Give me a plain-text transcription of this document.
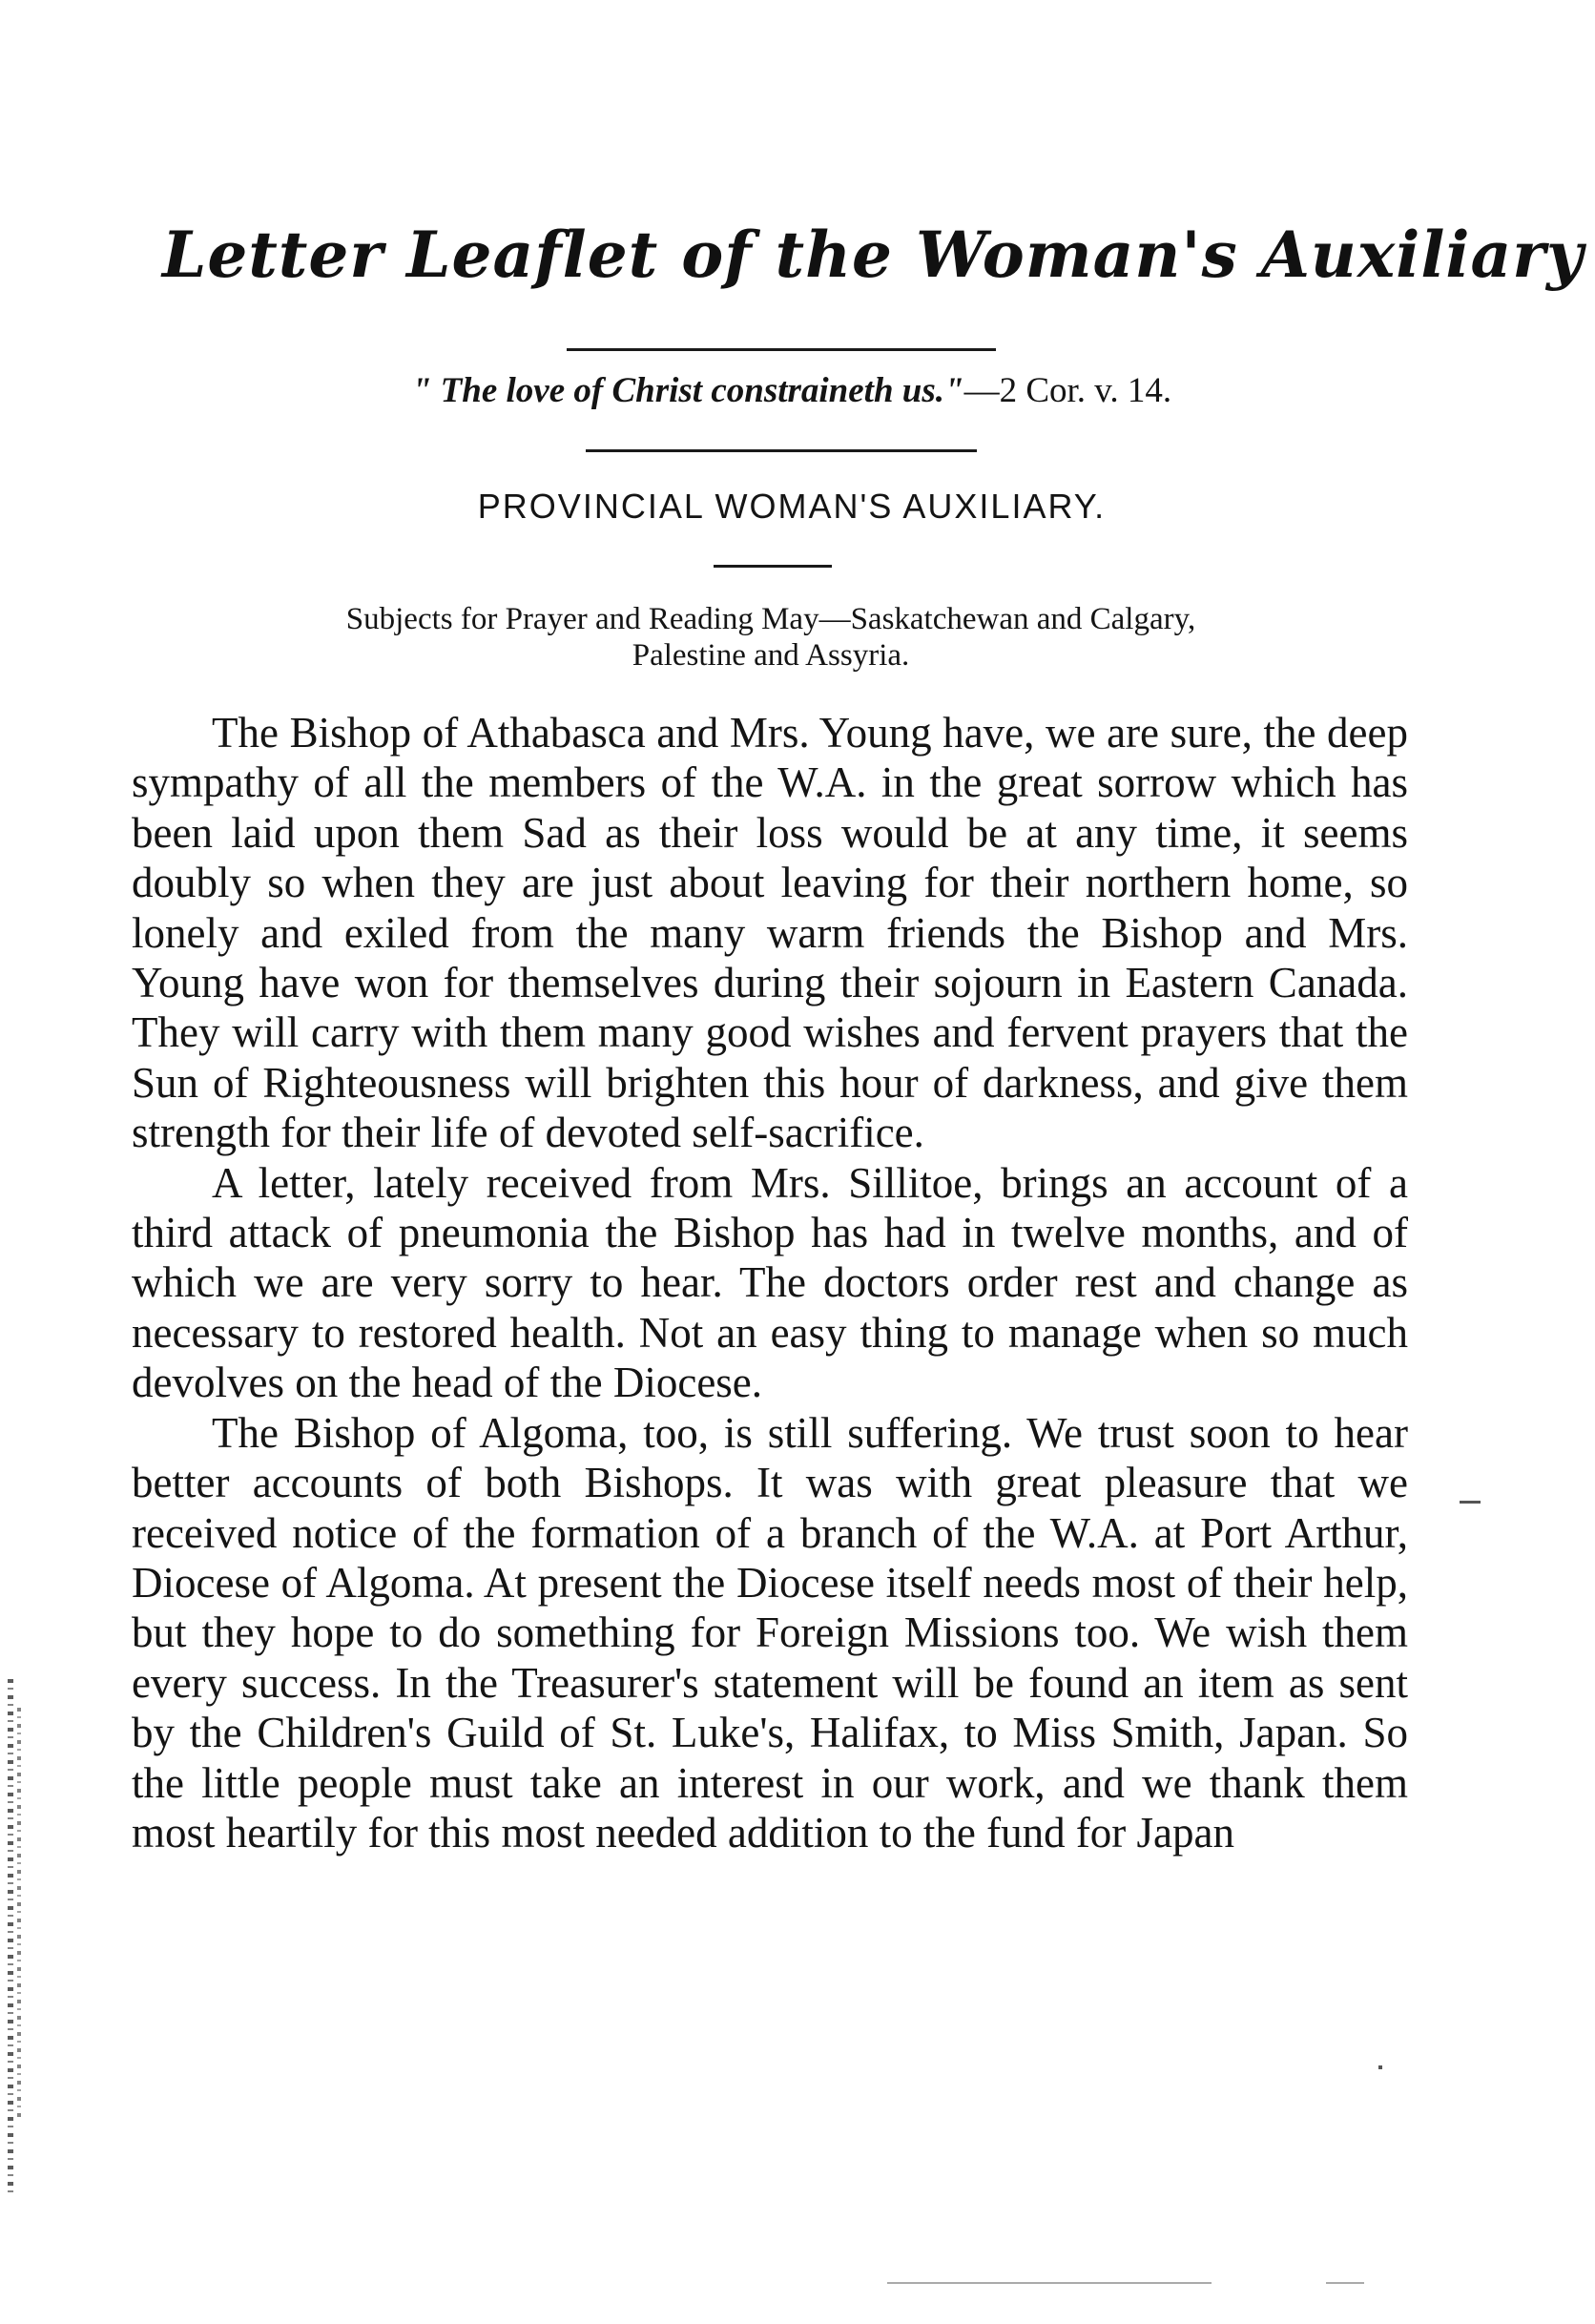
Letter Leaflet of the Woman's Auxiliary
" The love of Christ constraineth us."—2 Cor. v. 14.
PROVINCIAL WOMAN'S AUXILIARY.
Subjects for Prayer and Reading May—Saskatchewan and Calgary,
Palestine and Assyria.

The Bishop of Athabasca and Mrs. Young have, we are sure, the deep sympathy of all the members of the W.A. in the great sorrow which has been laid upon them Sad as their loss would be at any time, it seems doubly so when they are just about leaving for their northern home, so lonely and exiled from the many warm friends the Bishop and Mrs. Young have won for themselves during their sojourn in Eastern Canada. They will carry with them many good wishes and fervent prayers that the Sun of Righteousness will brighten this hour of darkness, and give them strength for their life of devoted self-sacrifice.

A letter, lately received from Mrs. Sillitoe, brings an account of a third attack of pneumonia the Bishop has had in twelve months, and of which we are very sorry to hear. The doctors order rest and change as necessary to restored health. Not an easy thing to manage when so much devolves on the head of the Diocese.

The Bishop of Algoma, too, is still suffering. We trust soon to hear better accounts of both Bishops. It was with great pleasure that we received notice of the formation of a branch of the W.A. at Port Arthur, Diocese of Algoma. At present the Diocese itself needs most of their help, but they hope to do something for Foreign Missions too. We wish them every success. In the Treasurer's statement will be found an item as sent by the Children's Guild of St. Luke's, Halifax, to Miss Smith, Japan. So the little people must take an interest in our work, and we thank them most heartily for this most needed addition to the fund for Japan
